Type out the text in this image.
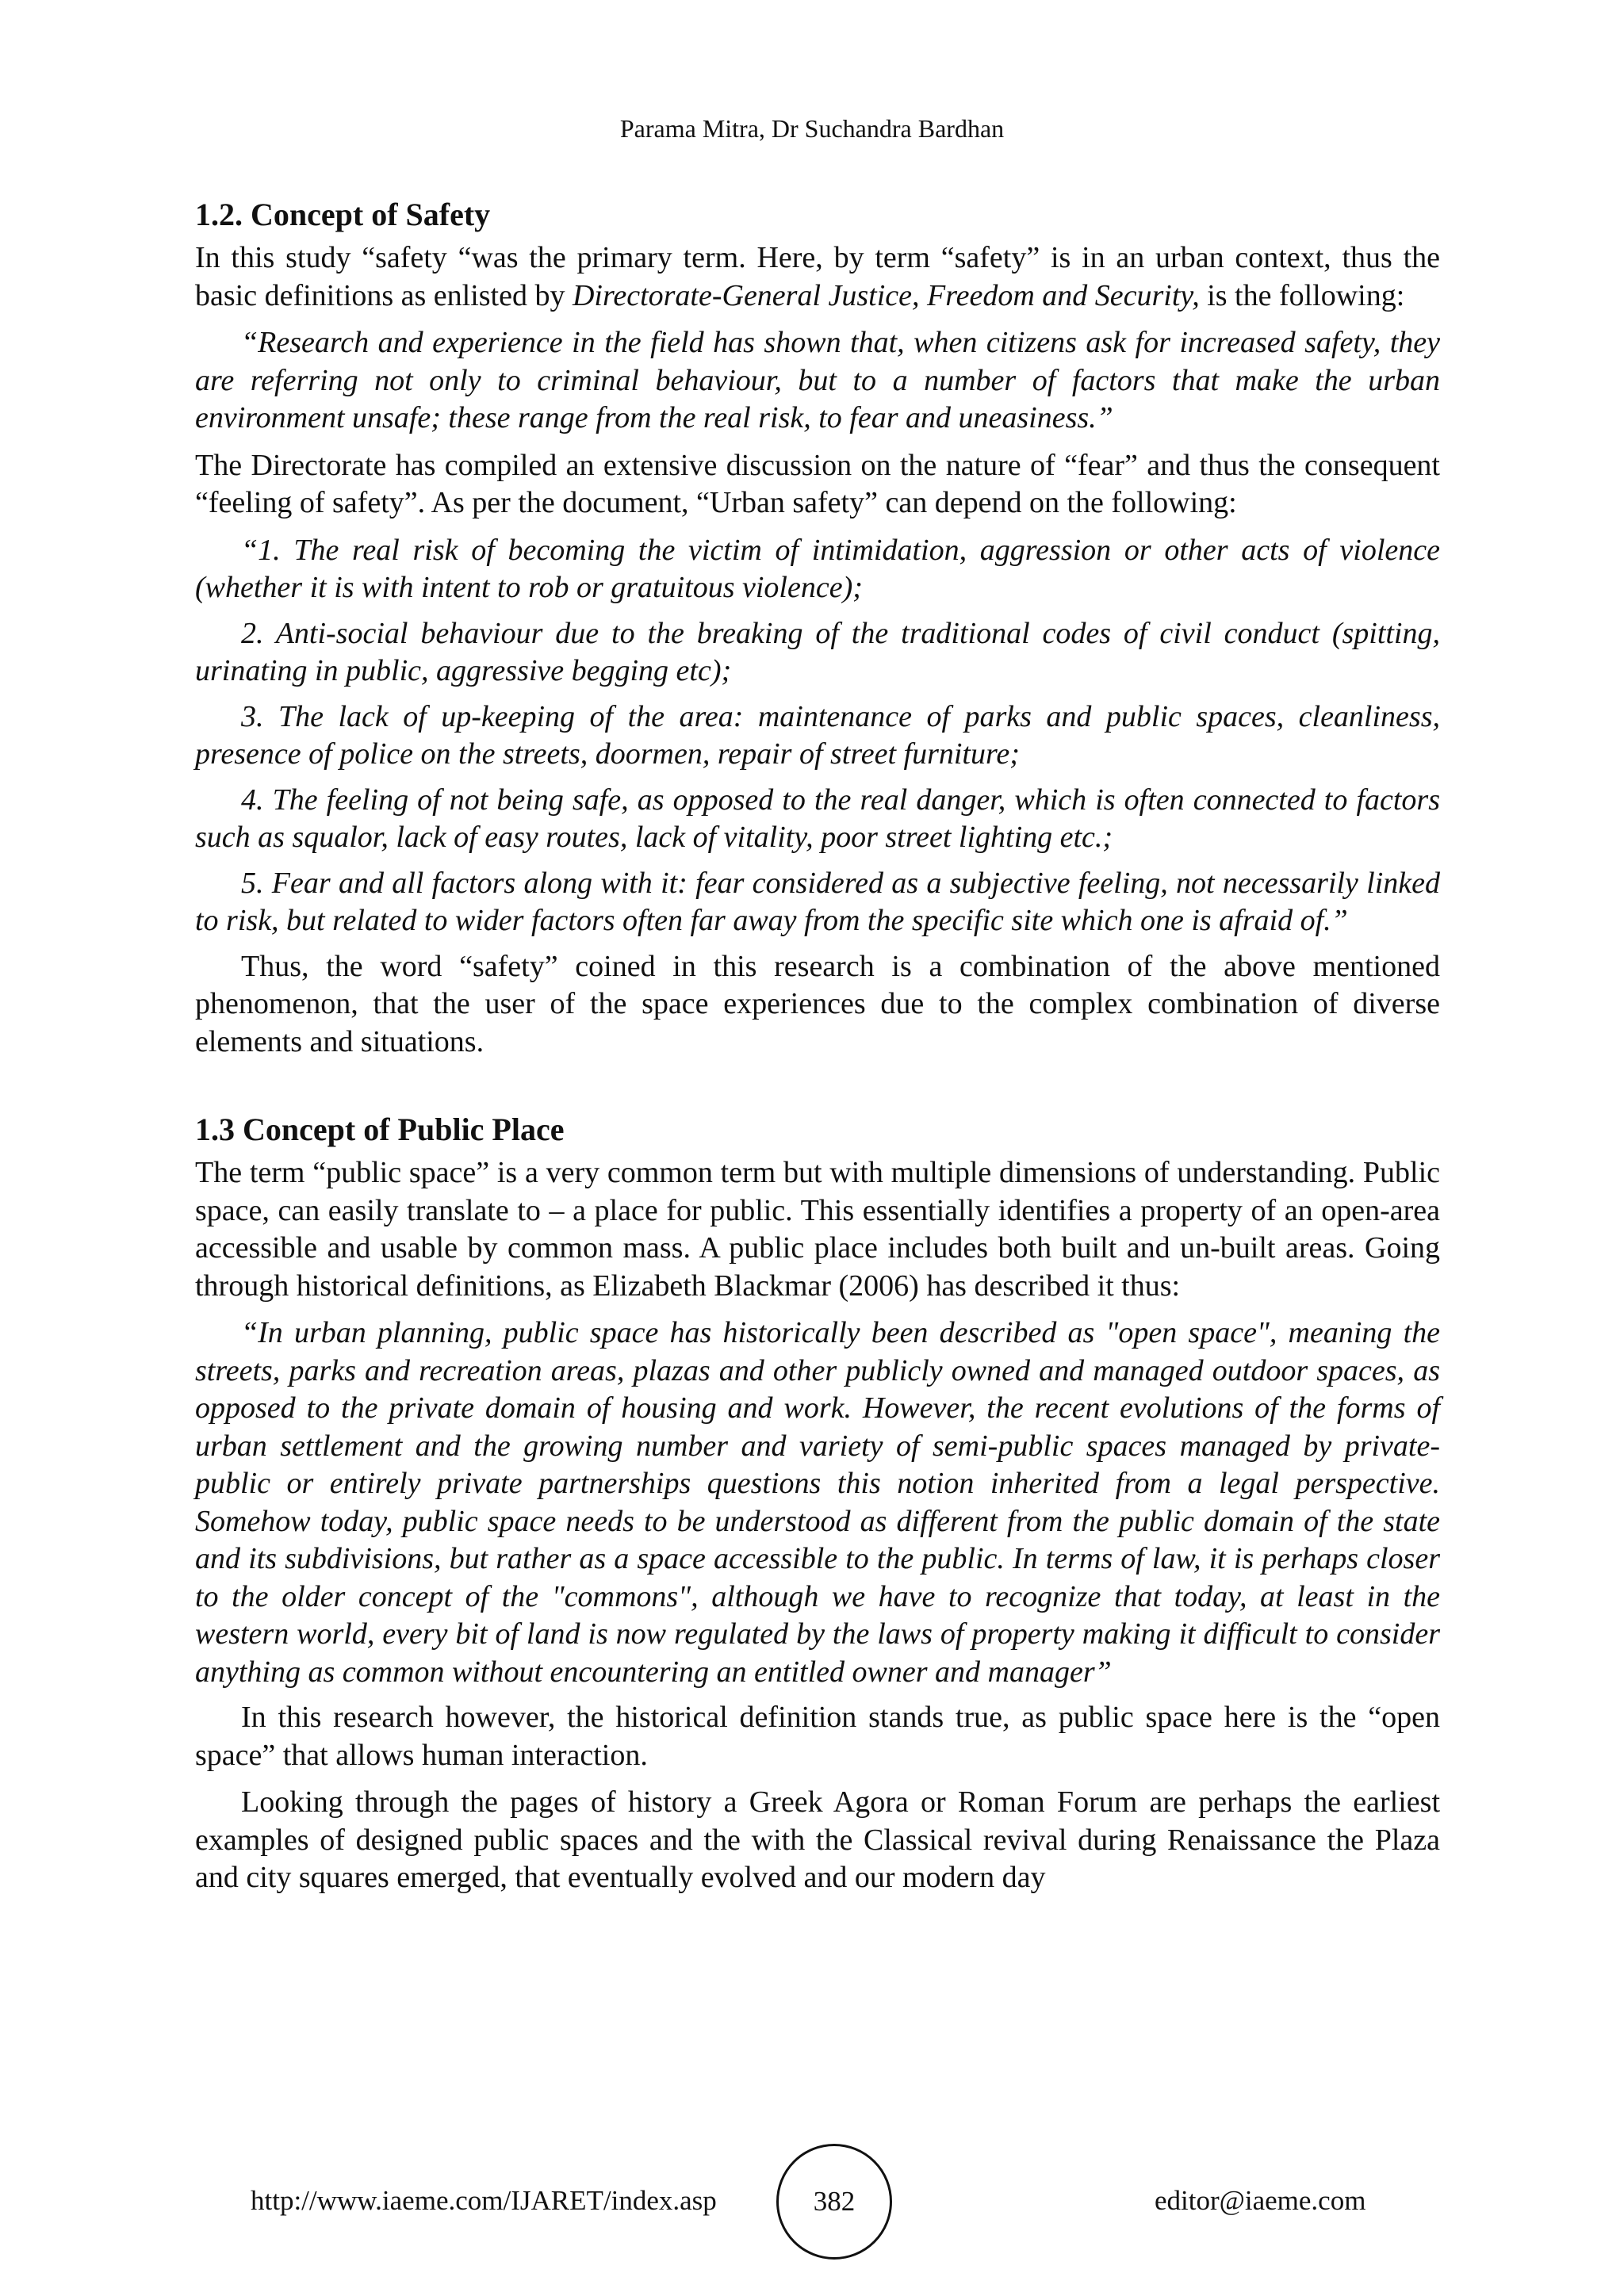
Parama Mitra, Dr Suchandra Bardhan
1.2. Concept of Safety

In this study “safety “was the primary term. Here, by term “safety” is in an urban context, thus the basic definitions as enlisted by Directorate-General Justice, Freedom and Security, is the following:

“Research and experience in the field has shown that, when citizens ask for increased safety, they are referring not only to criminal behaviour, but to a number of factors that make the urban environment unsafe; these range from the real risk, to fear and uneasiness.”

The Directorate has compiled an extensive discussion on the nature of “fear” and thus the consequent “feeling of safety”. As per the document, “Urban safety” can depend on the following:

“1. The real risk of becoming the victim of intimidation, aggression or other acts of violence (whether it is with intent to rob or gratuitous violence);

2. Anti-social behaviour due to the breaking of the traditional codes of civil conduct (spitting, urinating in public, aggressive begging etc);

3. The lack of up-keeping of the area: maintenance of parks and public spaces, cleanliness, presence of police on the streets, doormen, repair of street furniture;

4. The feeling of not being safe, as opposed to the real danger, which is often connected to factors such as squalor, lack of easy routes, lack of vitality, poor street lighting etc.;

5. Fear and all factors along with it: fear considered as a subjective feeling, not necessarily linked to risk, but related to wider factors often far away from the specific site which one is afraid of.”

Thus, the word “safety” coined in this research is a combination of the above mentioned phenomenon, that the user of the space experiences due to the complex combination of diverse elements and situations.

1.3 Concept of Public Place

The term “public space” is a very common term but with multiple dimensions of understanding. Public space, can easily translate to – a place for public. This essentially identifies a property of an open-area accessible and usable by common mass. A public place includes both built and un-built areas. Going through historical definitions, as Elizabeth Blackmar (2006) has described it thus:

“In urban planning, public space has historically been described as "open space", meaning the streets, parks and recreation areas, plazas and other publicly owned and managed outdoor spaces, as opposed to the private domain of housing and work. However, the recent evolutions of the forms of urban settlement and the growing number and variety of semi-public spaces managed by private-public or entirely private partnerships questions this notion inherited from a legal perspective. Somehow today, public space needs to be understood as different from the public domain of the state and its subdivisions, but rather as a space accessible to the public. In terms of law, it is perhaps closer to the older concept of the "commons", although we have to recognize that today, at least in the western world, every bit of land is now regulated by the laws of property making it difficult to consider anything as common without encountering an entitled owner and manager”

In this research however, the historical definition stands true, as public space here is the “open space” that allows human interaction.

Looking through the pages of history a Greek Agora or Roman Forum are perhaps the earliest examples of designed public spaces and the with the Classical revival during Renaissance the Plaza and city squares emerged, that eventually evolved and our modern day

http://www.iaeme.com/IJARET/index.asp	382	editor@iaeme.com
